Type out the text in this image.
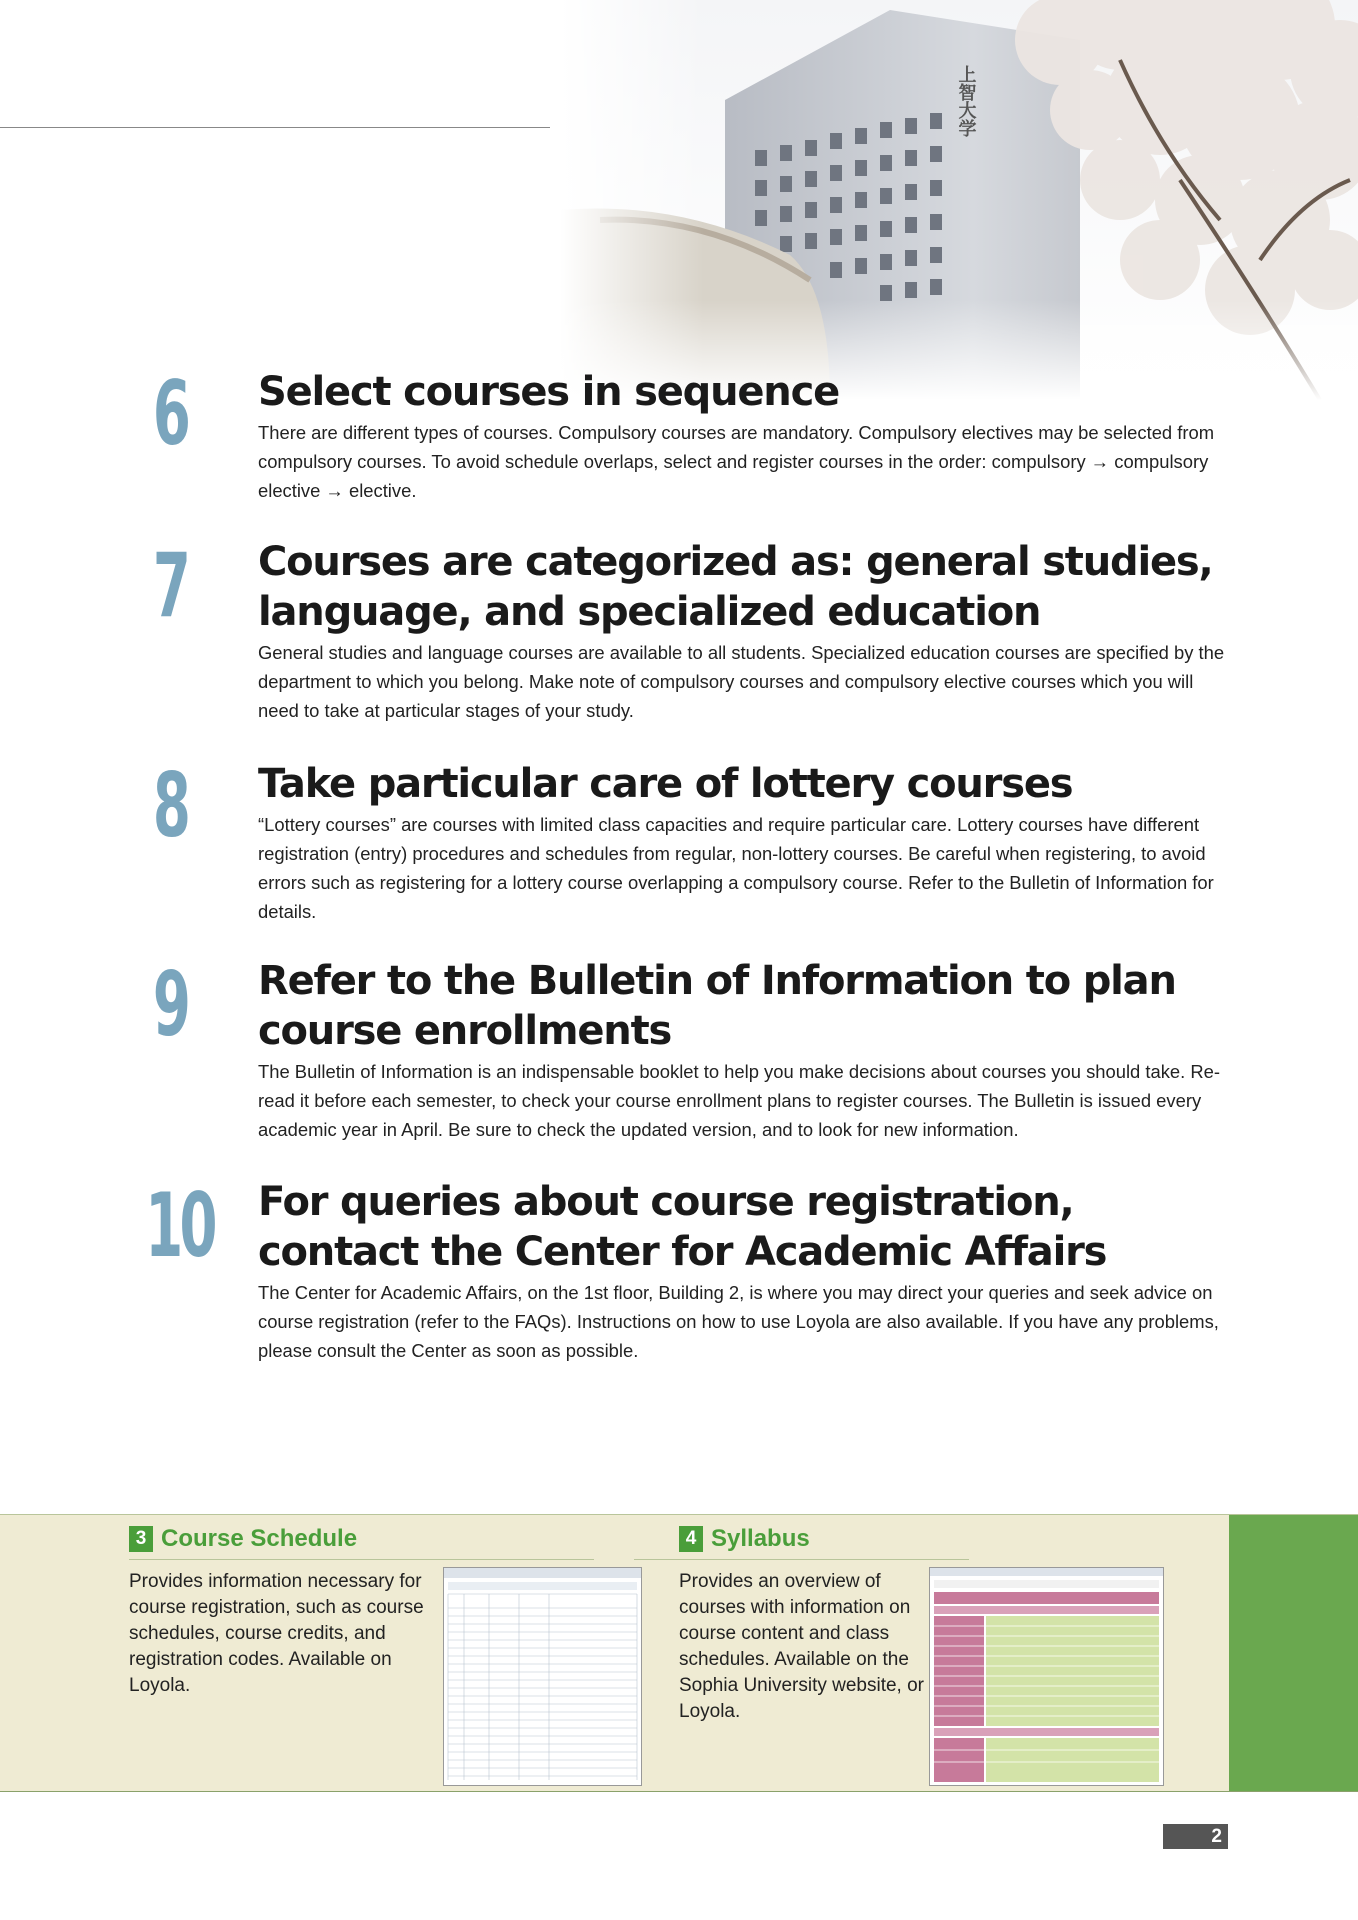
6 Select courses in sequence

There are different types of courses. Compulsory courses are mandatory. Compulsory electives may be selected from compulsory courses. To avoid schedule overlaps, select and register courses in the order: compulsory → compulsory elective → elective.

7 Courses are categorized as: general studies, language, and specialized education

General studies and language courses are available to all students. Specialized education courses are specified by the department to which you belong. Make note of compulsory courses and compulsory elective courses which you will need to take at particular stages of your study.

8 Take particular care of lottery courses

“Lottery courses” are courses with limited class capacities and require particular care. Lottery courses have different registration (entry) procedures and schedules from regular, non-lottery courses. Be careful when registering, to avoid errors such as registering for a lottery course overlapping a compulsory course. Refer to the Bulletin of Information for details.

9 Refer to the Bulletin of Information to plan course enrollments

The Bulletin of Information is an indispensable booklet to help you make decisions about courses you should take. Re-read it before each semester, to check your course enrollment plans to register courses. The Bulletin is issued every academic year in April. Be sure to check the updated version, and to look for new information.

10 For queries about course registration, contact the Center for Academic Affairs

The Center for Academic Affairs, on the 1st floor, Building 2, is where you may direct your queries and seek advice on course registration (refer to the FAQs). Instructions on how to use Loyola are also available. If you have any problems, please consult the Center as soon as possible.

3 Course Schedule

Provides information necessary for course registration, such as course schedules, course credits, and registration codes. Available on Loyola.

4 Syllabus

Provides an overview of courses with information on course content and class schedules. Available on the Sophia University website, or Loyola.

2
